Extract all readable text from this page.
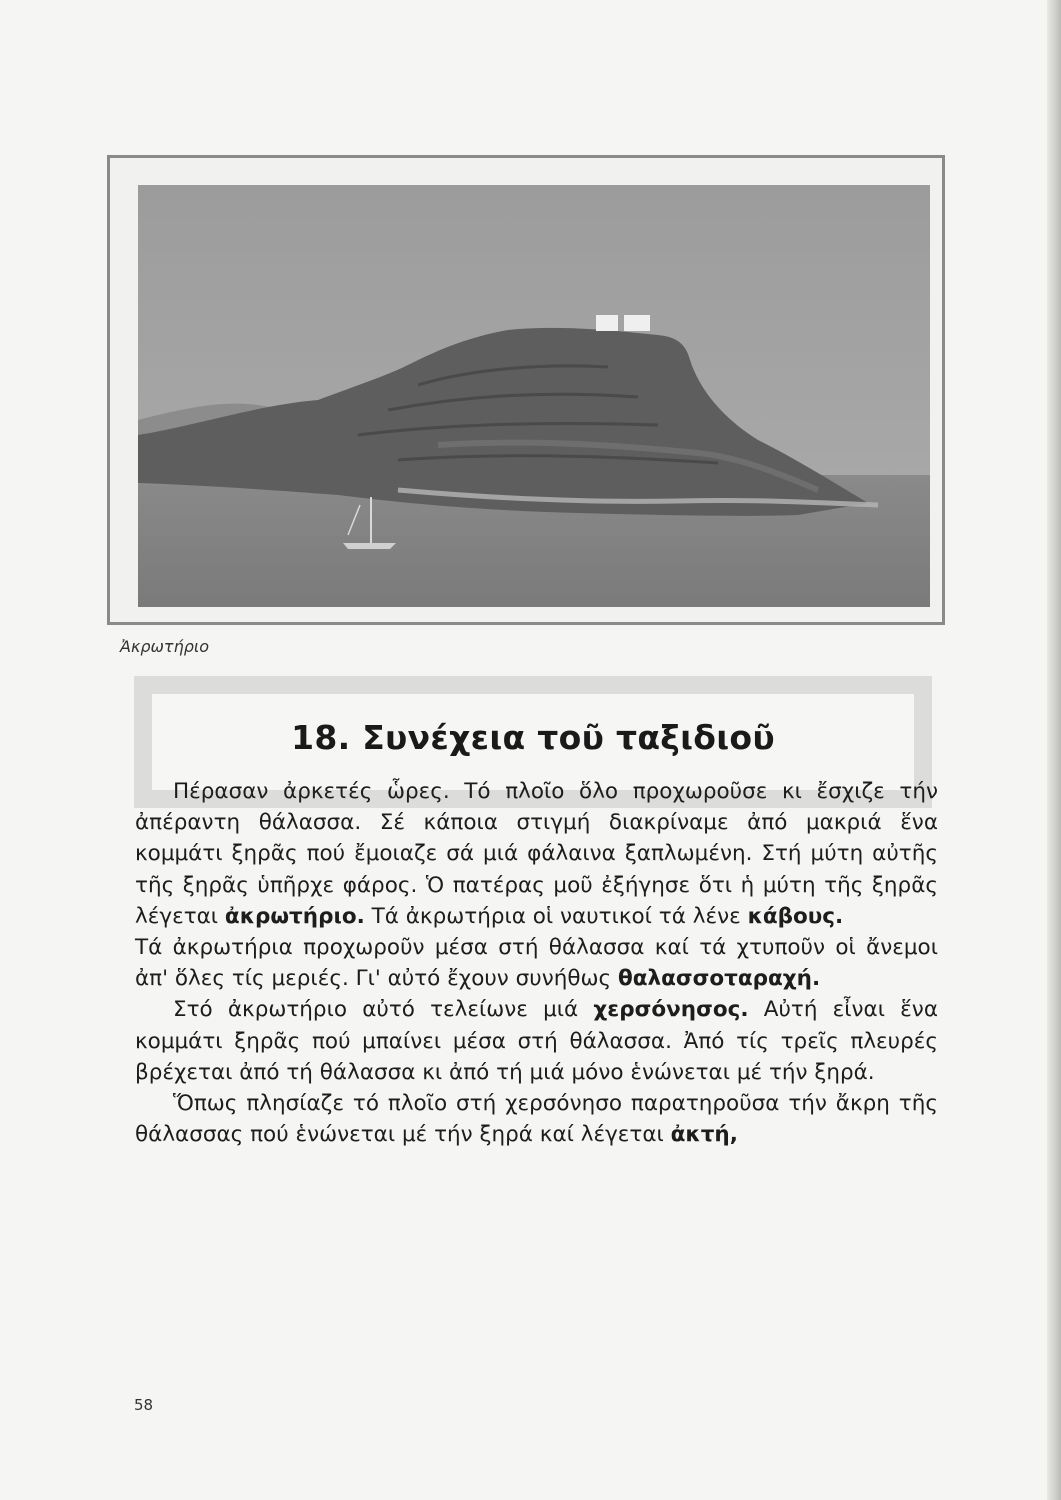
Ἀκρωτήριο
18. Συνέχεια τοῦ ταξιδιοῦ

Πέρασαν ἀρκετές ὧρες. Τό πλοῖο ὅλο προχωροῦσε κι ἔσχιζε τήν ἀπέραντη θάλασσα. Σέ κάποια στιγμή διακρίναμε ἀπό μακριά ἕνα κομμάτι ξηρᾶς πού ἔμοιαζε σά μιά φάλαινα ξαπλωμένη. Στή μύτη αὐτῆς τῆς ξηρᾶς ὑπῆρχε φάρος. Ὁ πατέρας μοῦ ἐξήγησε ὅτι ἡ μύτη τῆς ξηρᾶς λέγεται ἀκρωτήριο. Τά ἀκρωτήρια οἱ ναυτικοί τά λένε κάβους.

Τά ἀκρωτήρια προχωροῦν μέσα στή θάλασσα καί τά χτυποῦν οἱ ἄνεμοι ἀπ' ὅλες τίς μεριές. Γι' αὐτό ἔχουν συνήθως θαλασσοταραχή.

Στό ἀκρωτήριο αὐτό τελείωνε μιά χερσόνησος. Αὐτή εἶναι ἕνα κομμάτι ξηρᾶς πού μπαίνει μέσα στή θάλασσα. Ἀπό τίς τρεῖς πλευρές βρέχεται ἀπό τή θάλασσα κι ἀπό τή μιά μόνο ἑνώνεται μέ τήν ξηρά.

Ὅπως πλησίαζε τό πλοῖο στή χερσόνησο παρατηροῦσα τήν ἄκρη τῆς θάλασσας πού ἑνώνεται μέ τήν ξηρά καί λέγεται ἀκτή,

58
